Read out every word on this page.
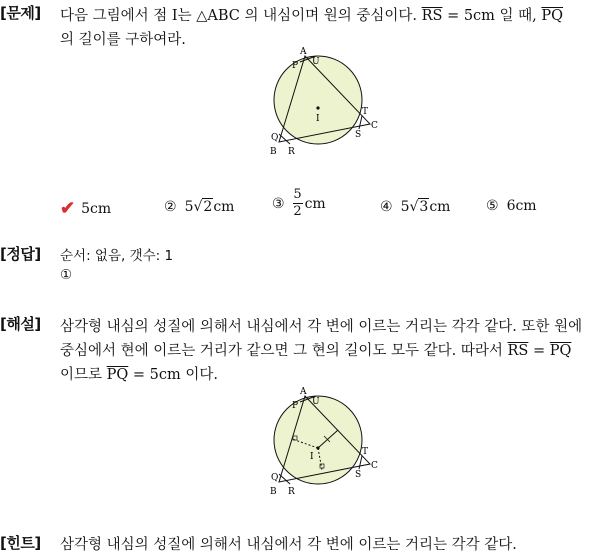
[문제] 다음 그림에서 점 I는 △ABC 의 내심이며 원의 중심이다. $\overline{RS} = 5cm$ 일 때, $\overline{PQ}$
의 길이를 구하여라.
A
U
P
I
T
C
Q	S
B R
✔ 5cm	② 5 √ 2 cm	③ $\frac{5}{2}$ cm	④ 5 √ 3 cm	⑤ 6cm
[정답] 순서: 없음, 갯수: 1
①
[해설] 삼각형 내심의 성질에 의해서 내심에서 각 변에 이르는 거리는 각각 같다. 또한 원에
중심에서 현에 이르는 거리가 같으면 그 현의 길이도 모두 같다. 따라서 $\overline{RS} = \overline{PQ}$
이므로 $\overline{PQ} = 5cm$ 이다.
A
U
P
I	T
C
Q	S
B R
[힌트] 삼각형 내심의 성질에 의해서 내심에서 각 변에 이르는 거리는 각각 같다.
